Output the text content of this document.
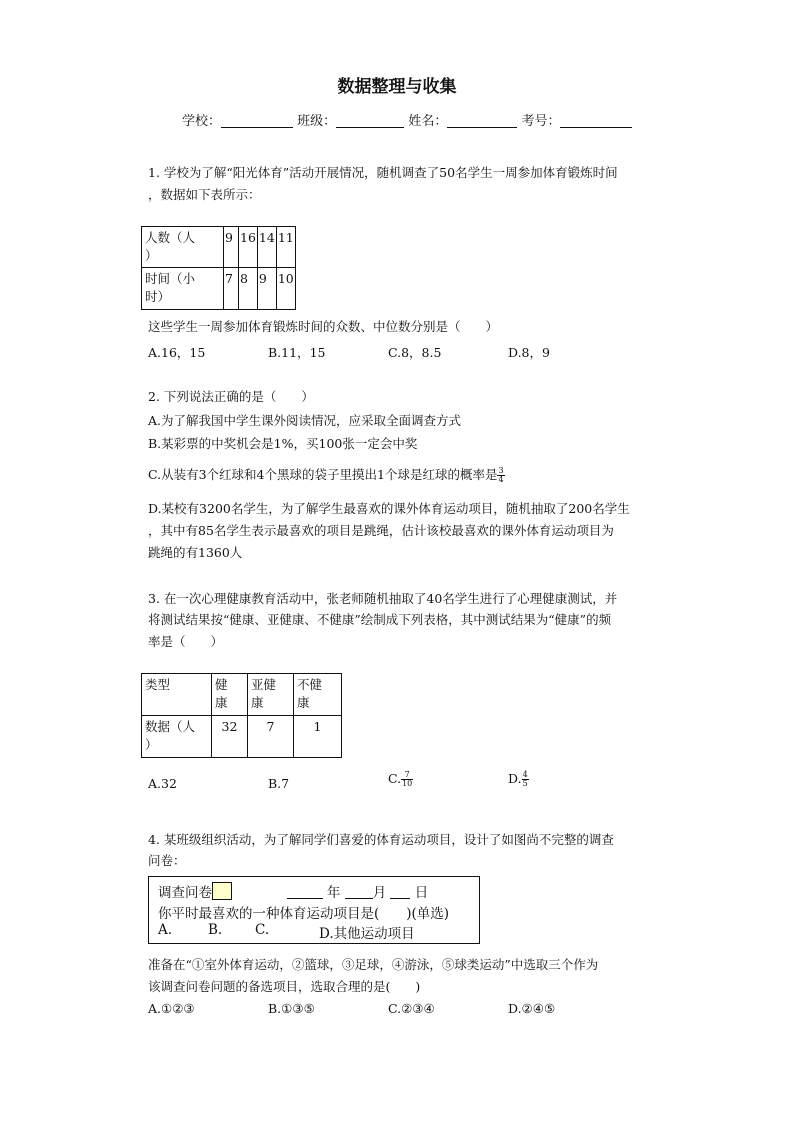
数据整理与收集
学校：	班级：	姓名：	考号：
1. 学校为了解“阳光体育”活动开展情况，随机调查了50名学生一周参加体育锻炼时间
，数据如下表所示：
人数（人
）	9	16	14	11
时间（小
时）	7	8	9	10
这些学生一周参加体育锻炼时间的众数、中位数分别是（　　）
A.16，15	B.11，15	C.8，8.5	D.8，9
2. 下列说法正确的是（　　）
A.为了解我国中学生课外阅读情况，应采取全面调查方式
B.某彩票的中奖机会是1%，买100张一定会中奖
C.从装有3个红球和4个黑球的袋子里摸出1个球是红球的概率是 $\frac{3}{4}$
D.某校有3200名学生，为了解学生最喜欢的课外体育运动项目，随机抽取了200名学生
，其中有85名学生表示最喜欢的项目是跳绳，估计该校最喜欢的课外体育运动项目为
跳绳的有1360人
3. 在一次心理健康教育活动中，张老师随机抽取了40名学生进行了心理健康测试，并
将测试结果按“健康、亚健康、不健康”绘制成下列表格，其中测试结果为“健康”的频
率是（　　）
类型	健
康	亚健
康	不健
康
数据（人
）	32	7	1
A.32	B.7	C. $\frac{7}{10}$	D. $\frac{4}{5}$
4. 某班级组织活动，为了解同学们喜爱的体育运动项目，设计了如图尚不完整的调查
问卷：
调查问卷	年 月 日
你平时最喜欢的一种体育运动项目是(　　)(单选)
A.	B. C.	D.其他运动项目
准备在“①室外体育运动，②篮球，③足球，④游泳，⑤球类运动”中选取三个作为
该调查问卷问题的备选项目，选取合理的是(　　)
A.①②③	B.①③⑤	C.②③④	D.②④⑤
